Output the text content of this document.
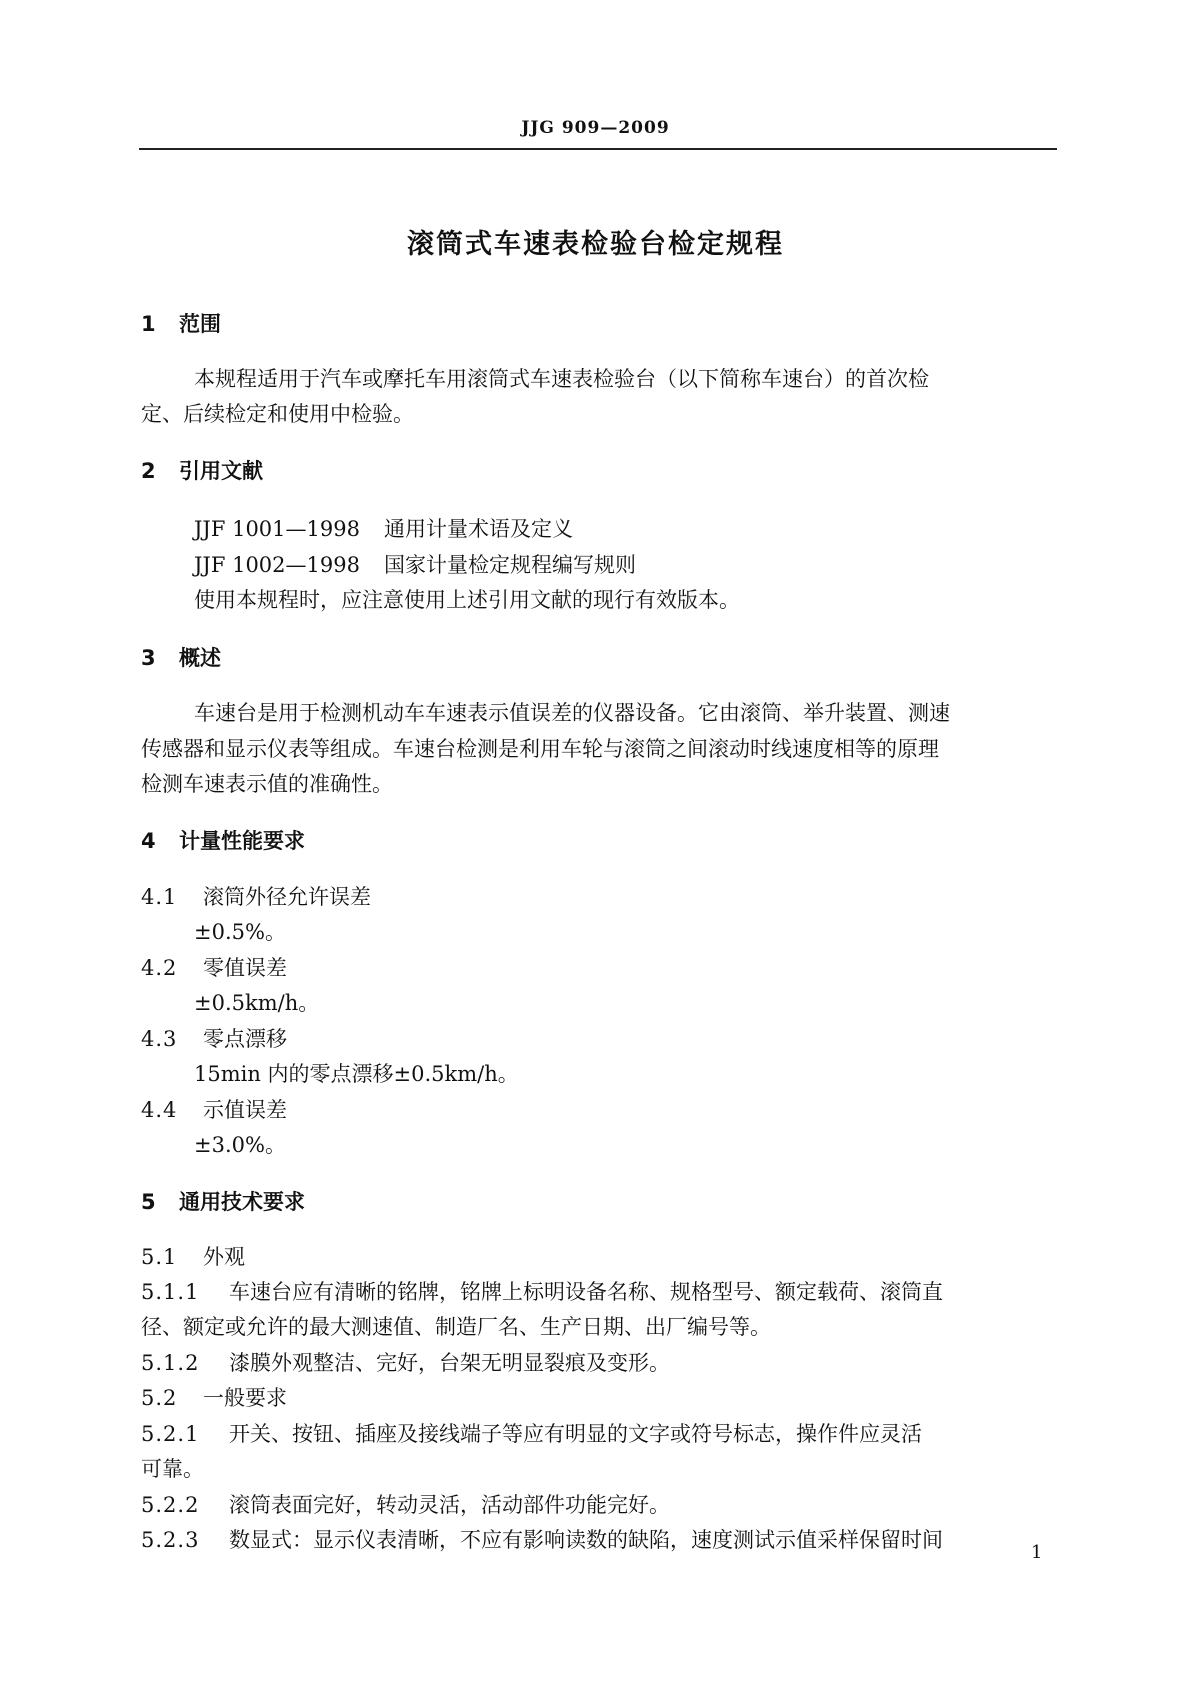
JJG 909—2009
滚筒式车速表检验台检定规程
1 范围
本规程适用于汽车或摩托车用滚筒式车速表检验台（以下简称车速台）的首次检
定、后续检定和使用中检验。
2 引用文献
JJF 1001—1998 通用计量术语及定义
JJF 1002—1998 国家计量检定规程编写规则
使用本规程时，应注意使用上述引用文献的现行有效版本。
3 概述
车速台是用于检测机动车车速表示值误差的仪器设备。它由滚筒、举升装置、测速
传感器和显示仪表等组成。车速台检测是利用车轮与滚筒之间滚动时线速度相等的原理
检测车速表示值的准确性。
4 计量性能要求
4.1 滚筒外径允许误差
±0.5%。
4.2 零值误差
±0.5km/h。
4.3 零点漂移
15min 内的零点漂移±0.5km/h。
4.4 示值误差
±3.0%。
5 通用技术要求
5.1 外观
5.1.1 车速台应有清晰的铭牌，铭牌上标明设备名称、规格型号、额定载荷、滚筒直
径、额定或允许的最大测速值、制造厂名、生产日期、出厂编号等。
5.1.2 漆膜外观整洁、完好，台架无明显裂痕及变形。
5.2 一般要求
5.2.1 开关、按钮、插座及接线端子等应有明显的文字或符号标志，操作件应灵活
可靠。
5.2.2 滚筒表面完好，转动灵活，活动部件功能完好。
5.2.3 数显式：显示仪表清晰，不应有影响读数的缺陷，速度测试示值采样保留时间
1
